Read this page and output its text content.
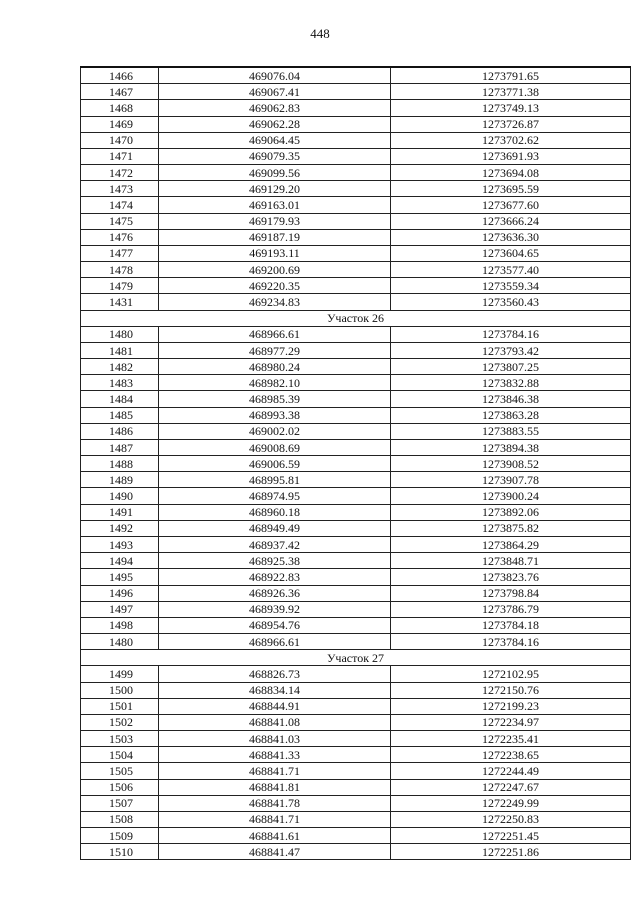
448
1466	469076.04	1273791.65
1467	469067.41	1273771.38
1468	469062.83	1273749.13
1469	469062.28	1273726.87
1470	469064.45	1273702.62
1471	469079.35	1273691.93
1472	469099.56	1273694.08
1473	469129.20	1273695.59
1474	469163.01	1273677.60
1475	469179.93	1273666.24
1476	469187.19	1273636.30
1477	469193.11	1273604.65
1478	469200.69	1273577.40
1479	469220.35	1273559.34
1431	469234.83	1273560.43
Участок 26		
1480	468966.61	1273784.16
1481	468977.29	1273793.42
1482	468980.24	1273807.25
1483	468982.10	1273832.88
1484	468985.39	1273846.38
1485	468993.38	1273863.28
1486	469002.02	1273883.55
1487	469008.69	1273894.38
1488	469006.59	1273908.52
1489	468995.81	1273907.78
1490	468974.95	1273900.24
1491	468960.18	1273892.06
1492	468949.49	1273875.82
1493	468937.42	1273864.29
1494	468925.38	1273848.71
1495	468922.83	1273823.76
1496	468926.36	1273798.84
1497	468939.92	1273786.79
1498	468954.76	1273784.18
1480	468966.61	1273784.16
Участок 27		
1499	468826.73	1272102.95
1500	468834.14	1272150.76
1501	468844.91	1272199.23
1502	468841.08	1272234.97
1503	468841.03	1272235.41
1504	468841.33	1272238.65
1505	468841.71	1272244.49
1506	468841.81	1272247.67
1507	468841.78	1272249.99
1508	468841.71	1272250.83
1509	468841.61	1272251.45
1510	468841.47	1272251.86
